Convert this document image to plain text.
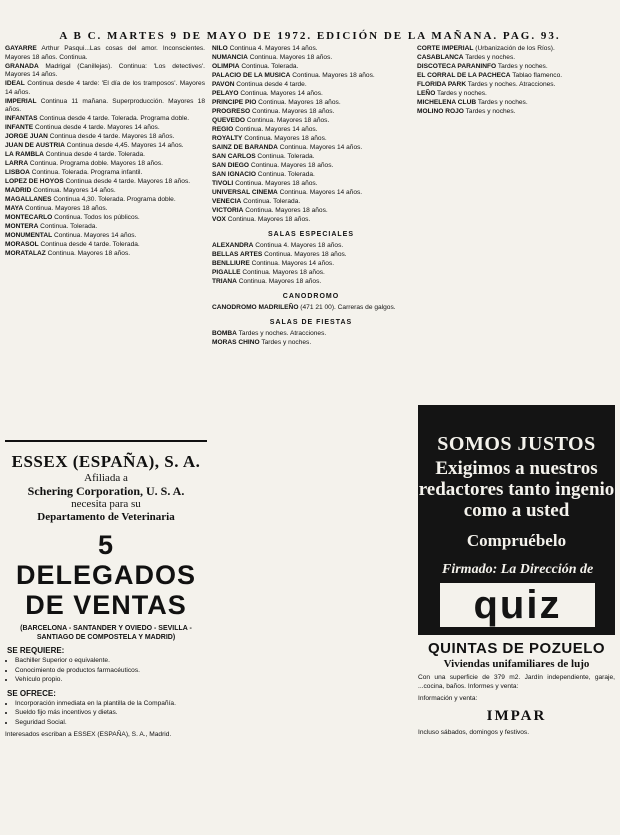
A B C. MARTES 9 DE MAYO DE 1972. EDICIÓN DE LA MAÑANA. PAG. 93.

GAYARRE Arthur Pasqui...Las cosas del amor. Inconscientes. Mayores 18 años. Continua.

GRANADA Madrigal (Canillejas). Continua: 'Los detectives'. Mayores 14 años.

IDEAL Continua desde 4 tarde: 'El día de los tramposos'. Mayores 14 años.

IMPERIAL Continua 11 mañana. Superproducción. Mayores 18 años.

INFANTAS Continua desde 4 tarde. Tolerada. Programa doble.

INFANTE Continua desde 4 tarde. Mayores 14 años.

JORGE JUAN Continua desde 4 tarde. Mayores 18 años.

JUAN DE AUSTRIA Continua desde 4,45. Mayores 14 años.

LA RAMBLA Continua desde 4 tarde. Tolerada.

LARRA Continua. Programa doble. Mayores 18 años.

LISBOA Continua. Tolerada. Programa infantil.

LOPEZ DE HOYOS Continua desde 4 tarde. Mayores 18 años.

MADRID Continua. Mayores 14 años.

MAGALLANES Continua 4,30. Tolerada. Programa doble.

MAYA Continua. Mayores 18 años.

MONTECARLO Continua. Todos los públicos.

MONTERA Continua. Tolerada.

MONUMENTAL Continua. Mayores 14 años.

MORASOL Continua desde 4 tarde. Tolerada.

MORATALAZ Continua. Mayores 18 años.

NILO Continua 4. Mayores 14 años.

NUMANCIA Continua. Mayores 18 años.

OLIMPIA Continua. Tolerada.

PALACIO DE LA MUSICA Continua. Mayores 18 años.

PAVON Continua desde 4 tarde.

PELAYO Continua. Mayores 14 años.

PRINCIPE PIO Continua. Mayores 18 años.

PROGRESO Continua. Mayores 18 años.

QUEVEDO Continua. Mayores 18 años.

REGIO Continua. Mayores 14 años.

ROYALTY Continua. Mayores 18 años.

SAINZ DE BARANDA Continua. Mayores 14 años.

SAN CARLOS Continua. Tolerada.

SAN DIEGO Continua. Mayores 18 años.

SAN IGNACIO Continua. Tolerada.

TIVOLI Continua. Mayores 18 años.

UNIVERSAL CINEMA Continua. Mayores 14 años.

VENECIA Continua. Tolerada.

VICTORIA Continua. Mayores 18 años.

VOX Continua. Mayores 18 años.

SALAS ESPECIALES

ALEXANDRA Continua 4. Mayores 18 años.

BELLAS ARTES Continua. Mayores 18 años.

BENLLIURE Continua. Mayores 14 años.

PIGALLE Continua. Mayores 18 años.

TRIANA Continua. Mayores 18 años.

CANODROMO

CANODROMO MADRILEÑO (471 21 00). Carreras de galgos.

SALAS DE FIESTAS

BOMBA Tardes y noches. Atracciones.

MORAS CHINO Tardes y noches.

CORTE IMPERIAL (Urbanización de los Ríos).

CASABLANCA Tardes y noches.

DISCOTECA PARANINFO Tardes y noches.

EL CORRAL DE LA PACHECA Tablao flamenco.

FLORIDA PARK Tardes y noches. Atracciones.

LEÑO Tardes y noches.

MICHELENA CLUB Tardes y noches.

MOLINO ROJO Tardes y noches.

ESSEX (ESPAÑA), S. A.
Afiliada a
Schering Corporation, U. S. A.
necesita para su
Departamento de Veterinaria
5 DELEGADOS DE VENTAS
(BARCELONA - SANTANDER Y OVIEDO - SEVILLA - SANTIAGO DE COMPOSTELA Y MADRID)
SE REQUIERE:
• Bachiller Superior o equivalente.
• Conocimiento de productos farmacéuticos.
• Vehículo propio.
SE OFRECE:
• Incorporación inmediata en la plantilla de la Compañía.
• Sueldo fijo más incentivos y dietas.
• Seguridad Social.
Interesados escriban a ESSEX (ESPAÑA), S. A., Madrid.
SOMOS JUSTOS
Exigimos a nuestros redactores tanto ingenio como a usted
Compruébelo
Firmado: La Dirección de
quiz
QUINTAS DE POZUELO
Viviendas unifamiliares de lujo
Con una superficie de 379 m2. Jardín independiente, garaje, ...cocina, baños. Informes y venta:
Información y venta:
IMPAR
Incluso sábados, domingos y festivos.
